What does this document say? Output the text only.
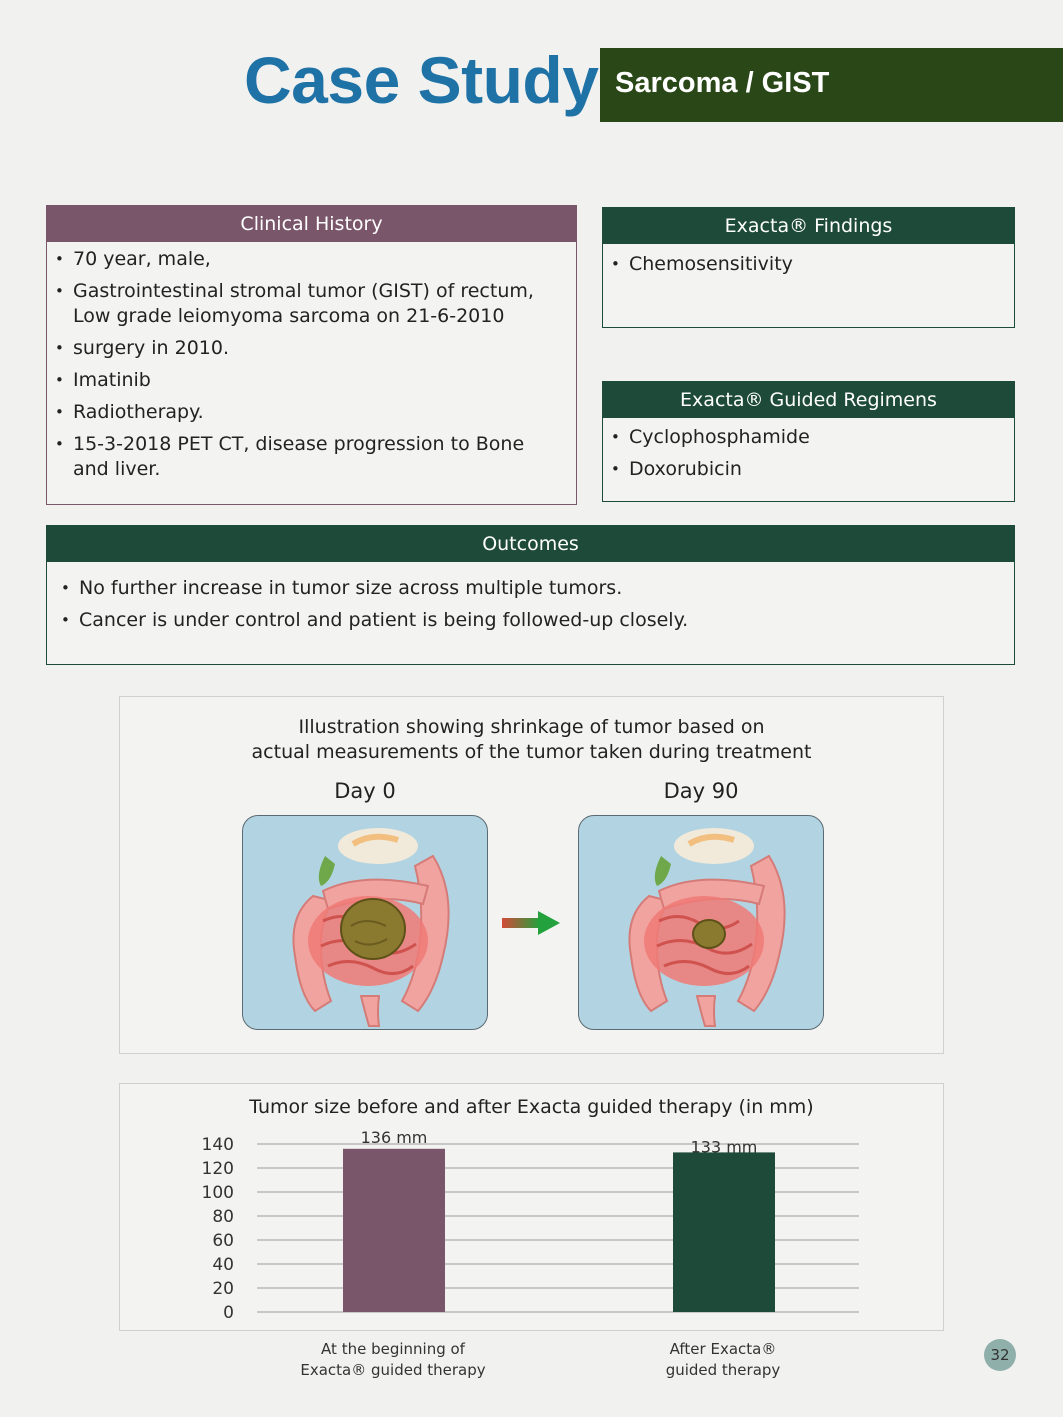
Case Study Sarcoma / GIST
Clinical History
• 70 year, male,
• Gastrointestinal stromal tumor (GIST) of rectum, Low grade leiomyoma sarcoma on 21-6-2010
• surgery in 2010.
• Imatinib
• Radiotherapy.
• 15-3-2018 PET CT, disease progression to Bone and liver.
Exacta® Findings
• Chemosensitivity
Exacta® Guided Regimens
• Cyclophosphamide
• Doxorubicin
Outcomes
• No further increase in tumor size across multiple tumors.
• Cancer is under control and patient is being followed-up closely.
Illustration showing shrinkage of tumor based on
actual measurements of the tumor taken during treatment
Day 0	Day 90
Tumor size before and after Exacta guided therapy (in mm)
0
20
40
60
80
100
120
140	136 mm
133 mm
At the beginning of
Exacta® guided therapy
After Exacta®
guided therapy
32
